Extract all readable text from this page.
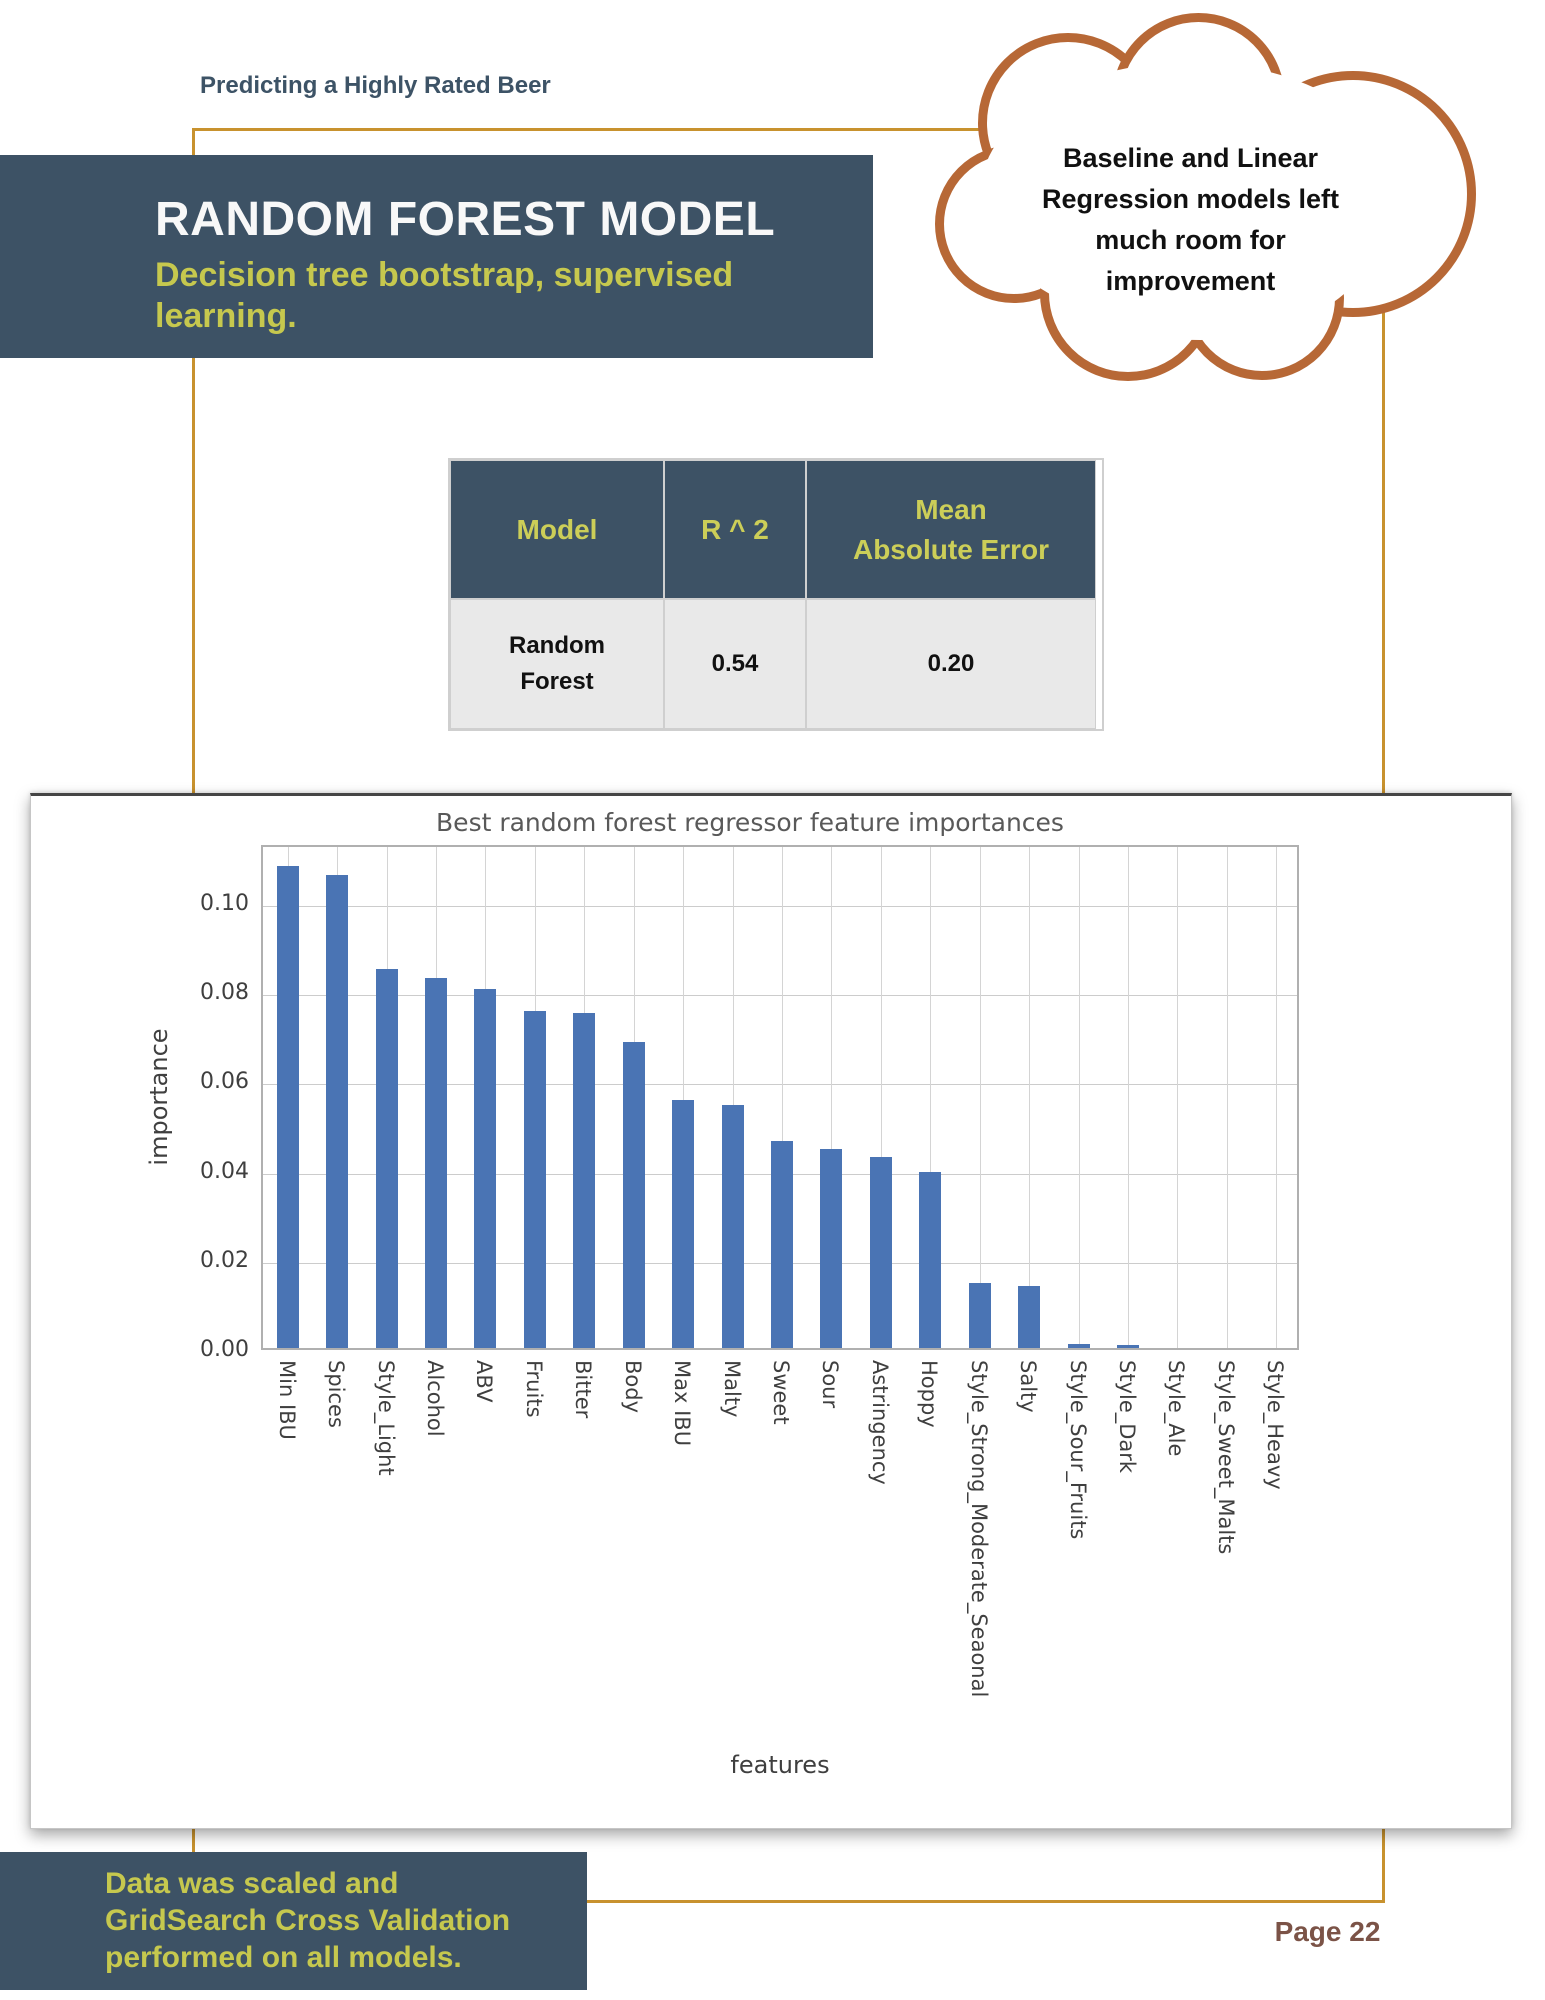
Predicting a Highly Rated Beer
RANDOM FOREST MODEL
Decision tree bootstrap, supervised
learning.
Baseline and Linear
Regression models left
much room for
improvement
Model	R ^ 2
Mean
Absolute Error
Random Forest
0.54	0.20
Best random forest regressor feature importances
importance
0.00
0.02
0.04
0.06
0.08
0.10
Min IBU Spices Style_Light Alcohol ABV Fruits Bitter Body Max IBU Malty Sweet Sour Astringency Hoppy Style_Strong_Moderate_Seaonal Salty Style_Sour_Fruits Style_Dark Style_Ale Style_Sweet_Malts Style_Heavy
features
Data was scaled and
GridSearch Cross Validation
performed on all models.
Page 22
